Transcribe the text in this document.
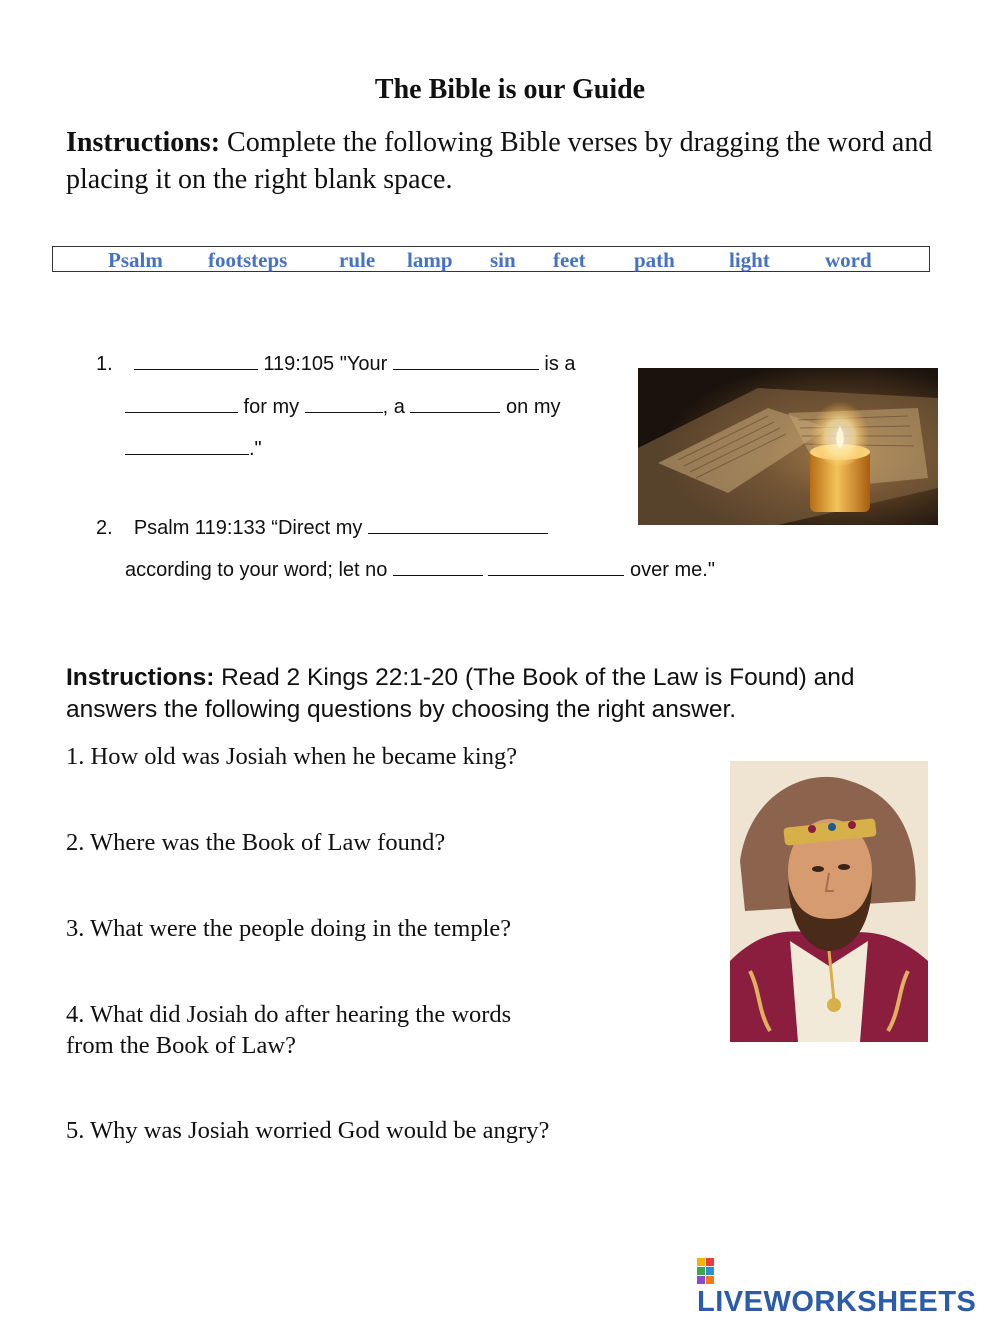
The Bible is our Guide
Instructions: Complete the following Bible verses by dragging the word and placing it on the right blank space.
Psalm footsteps rule lamp sin feet path	light	word
1.	119:105 "Your	is a
for my	, a	on my
."
2. Psalm 119:133 “Direct my
according to your word; let no	over me."
Instructions: Read 2 Kings 22:1-20 (The Book of the Law is Found) and answers the following questions by choosing the right answer.
1. How old was Josiah when he became king?
2. Where was the Book of Law found?
3. What were the people doing in the temple?
4. What did Josiah do after hearing the words
from the Book of Law?
5. Why was Josiah worried God would be angry?
LIVEWORKSHEETS
